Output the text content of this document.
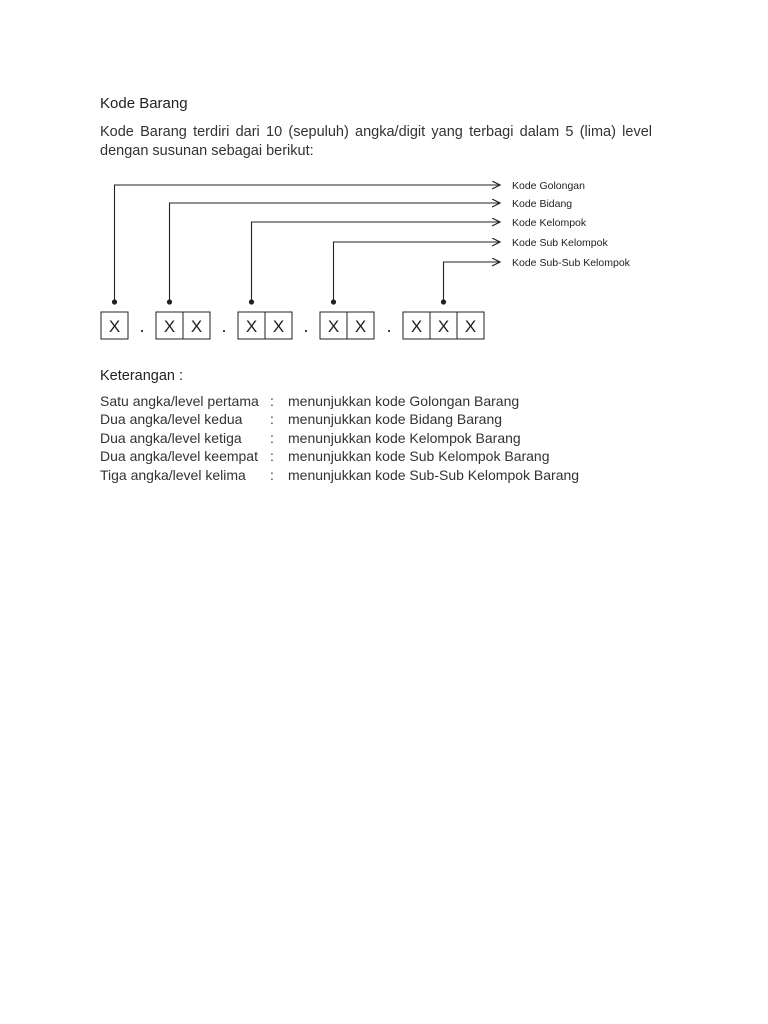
Kode Barang
Kode Barang terdiri dari 10 (sepuluh) angka/digit yang terbagi dalam 5 (lima) level
dengan susunan sebagai berikut:
Kode Golongan
Kode Bidang
Kode Kelompok
Kode Sub Kelompok
Kode Sub-Sub Kelompok
X	X X	X X	X X	X X X
.	.	.	.
Keterangan :
Satu angka/level pertama :	menunjukkan kode Golongan Barang
Dua angka/level kedua	:	menunjukkan kode Bidang Barang
Dua angka/level ketiga	:	menunjukkan kode Kelompok Barang
Dua angka/level keempat :	menunjukkan kode Sub Kelompok Barang
Tiga angka/level kelima	:	menunjukkan kode Sub-Sub Kelompok Barang
